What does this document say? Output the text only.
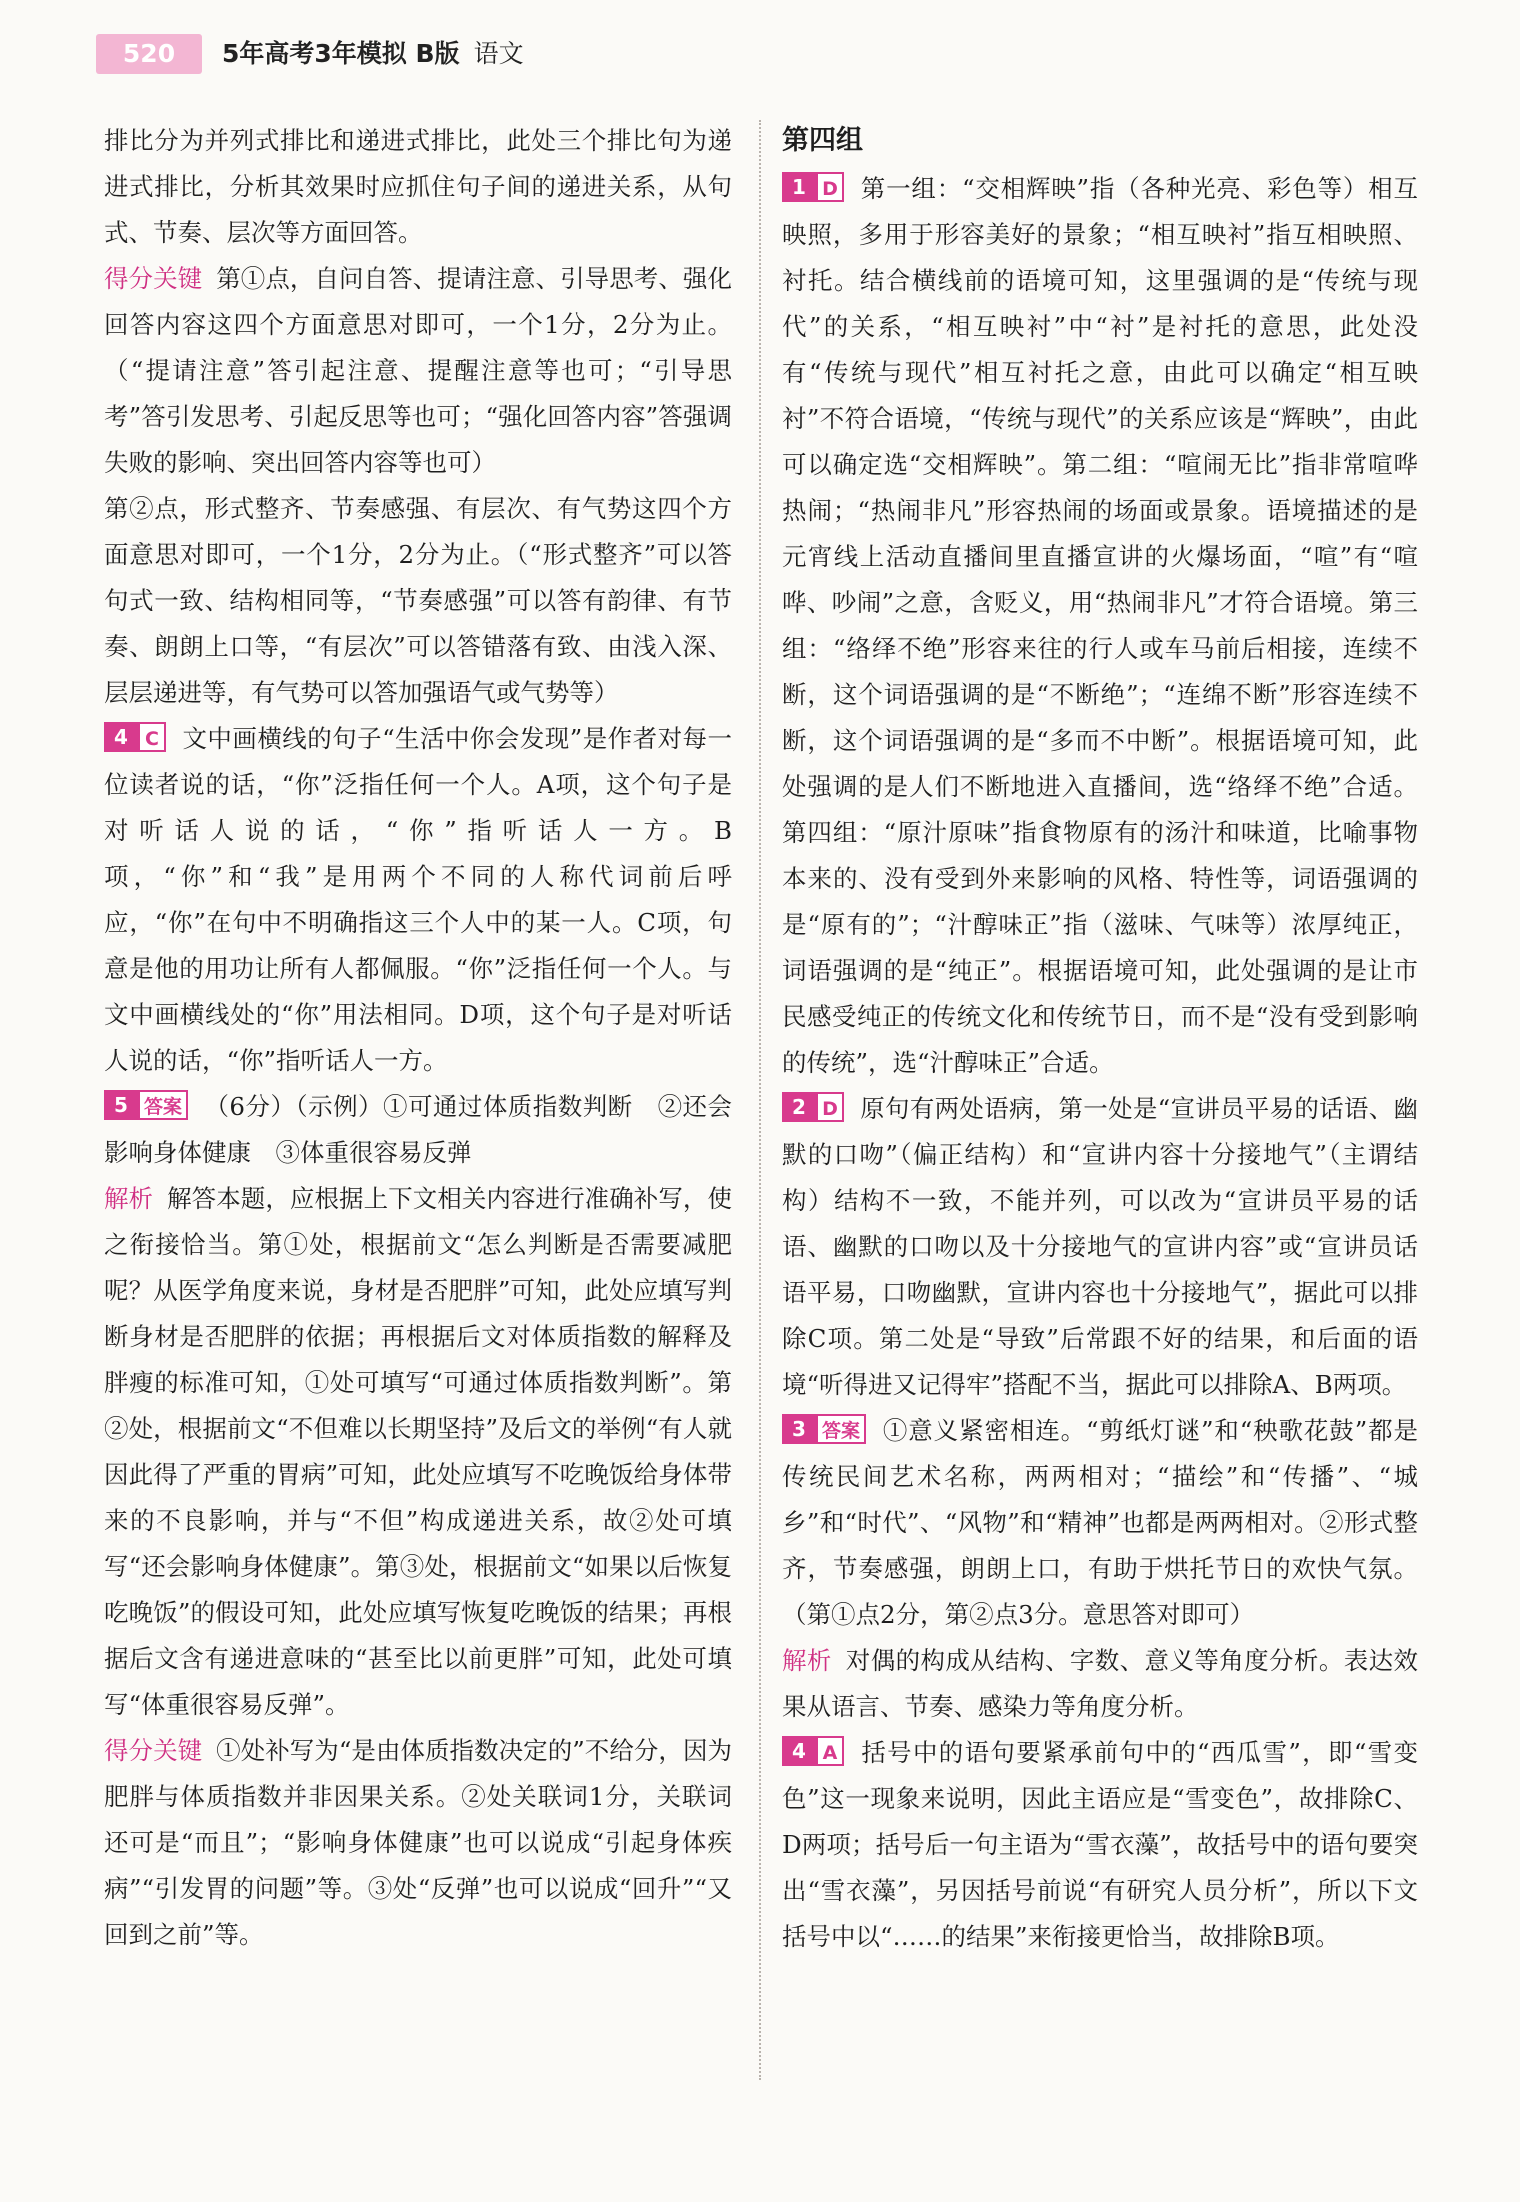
520	5年高考3年模拟 B版 语文

排比分为并列式排比和递进式排比，此处三个排比句为递进式排比，分析其效果时应抓住句子间的递进关系，从句式、节奏、层次等方面回答。

得分关键 第①点，自问自答、提请注意、引导思考、强化回答内容这四个方面意思对即可，一个1分，2分为止。（“提请注意”答引起注意、提醒注意等也可；“引导思考”答引发思考、引起反思等也可；“强化回答内容”答强调失败的影响、突出回答内容等也可）

第②点，形式整齐、节奏感强、有层次、有气势这四个方面意思对即可，一个1分，2分为止。（“形式整齐”可以答句式一致、结构相同等，“节奏感强”可以答有韵律、有节奏、朗朗上口等，“有层次”可以答错落有致、由浅入深、层层递进等，有气势可以答加强语气或气势等）

4 C 文中画横线的句子“生活中你会发现”是作者对每一位读者说的话，“你”泛指任何一个人。A项，这个句子是对听话人说的话，“你”指听话人一方。B项，“你”和“我”是用两个不同的人称代词前后呼应，“你”在句中不明确指这三个人中的某一人。C项，句意是他的用功让所有人都佩服。“你”泛指任何一个人。与文中画横线处的“你”用法相同。D项，这个句子是对听话人说的话，“你”指听话人一方。

5 答案 （6分）（示例）①可通过体质指数判断　②还会影响身体健康　③体重很容易反弹

解析 解答本题，应根据上下文相关内容进行准确补写，使之衔接恰当。第①处，根据前文“怎么判断是否需要减肥呢？从医学角度来说，身材是否肥胖”可知，此处应填写判断身材是否肥胖的依据；再根据后文对体质指数的解释及胖瘦的标准可知，①处可填写“可通过体质指数判断”。第②处，根据前文“不但难以长期坚持”及后文的举例“有人就因此得了严重的胃病”可知，此处应填写不吃晚饭给身体带来的不良影响，并与“不但”构成递进关系，故②处可填写“还会影响身体健康”。第③处，根据前文“如果以后恢复吃晚饭”的假设可知，此处应填写恢复吃晚饭的结果；再根据后文含有递进意味的“甚至比以前更胖”可知，此处可填写“体重很容易反弹”。

得分关键 ①处补写为“是由体质指数决定的”不给分，因为肥胖与体质指数并非因果关系。②处关联词1分，关联词还可是“而且”；“影响身体健康”也可以说成“引起身体疾病”“引发胃的问题”等。③处“反弹”也可以说成“回升”“又回到之前”等。

第四组

1 D 第一组：“交相辉映”指（各种光亮、彩色等）相互映照，多用于形容美好的景象；“相互映衬”指互相映照、衬托。结合横线前的语境可知，这里强调的是“传统与现代”的关系，“相互映衬”中“衬”是衬托的意思，此处没有“传统与现代”相互衬托之意，由此可以确定“相互映衬”不符合语境，“传统与现代”的关系应该是“辉映”，由此可以确定选“交相辉映”。第二组：“喧闹无比”指非常喧哗热闹；“热闹非凡”形容热闹的场面或景象。语境描述的是元宵线上活动直播间里直播宣讲的火爆场面，“喧”有“喧哗、吵闹”之意，含贬义，用“热闹非凡”才符合语境。第三组：“络绎不绝”形容来往的行人或车马前后相接，连续不断，这个词语强调的是“不断绝”；“连绵不断”形容连续不断，这个词语强调的是“多而不中断”。根据语境可知，此处强调的是人们不断地进入直播间，选“络绎不绝”合适。第四组：“原汁原味”指食物原有的汤汁和味道，比喻事物本来的、没有受到外来影响的风格、特性等，词语强调的是“原有的”；“汁醇味正”指（滋味、气味等）浓厚纯正，词语强调的是“纯正”。根据语境可知，此处强调的是让市民感受纯正的传统文化和传统节日，而不是“没有受到影响的传统”，选“汁醇味正”合适。

2 D 原句有两处语病，第一处是“宣讲员平易的话语、幽默的口吻”（偏正结构）和“宣讲内容十分接地气”（主谓结构）结构不一致，不能并列，可以改为“宣讲员平易的话语、幽默的口吻以及十分接地气的宣讲内容”或“宣讲员话语平易，口吻幽默，宣讲内容也十分接地气”，据此可以排除C项。第二处是“导致”后常跟不好的结果，和后面的语境“听得进又记得牢”搭配不当，据此可以排除A、B两项。

3 答案 ①意义紧密相连。“剪纸灯谜”和“秧歌花鼓”都是传统民间艺术名称，两两相对；“描绘”和“传播”、“城乡”和“时代”、“风物”和“精神”也都是两两相对。②形式整齐，节奏感强，朗朗上口，有助于烘托节日的欢快气氛。（第①点2分，第②点3分。意思答对即可）

解析 对偶的构成从结构、字数、意义等角度分析。表达效果从语言、节奏、感染力等角度分析。

4 A 括号中的语句要紧承前句中的“西瓜雪”，即“雪变色”这一现象来说明，因此主语应是“雪变色”，故排除C、D两项；括号后一句主语为“雪衣藻”，故括号中的语句要突出“雪衣藻”，另因括号前说“有研究人员分析”，所以下文括号中以“……的结果”来衔接更恰当，故排除B项。
